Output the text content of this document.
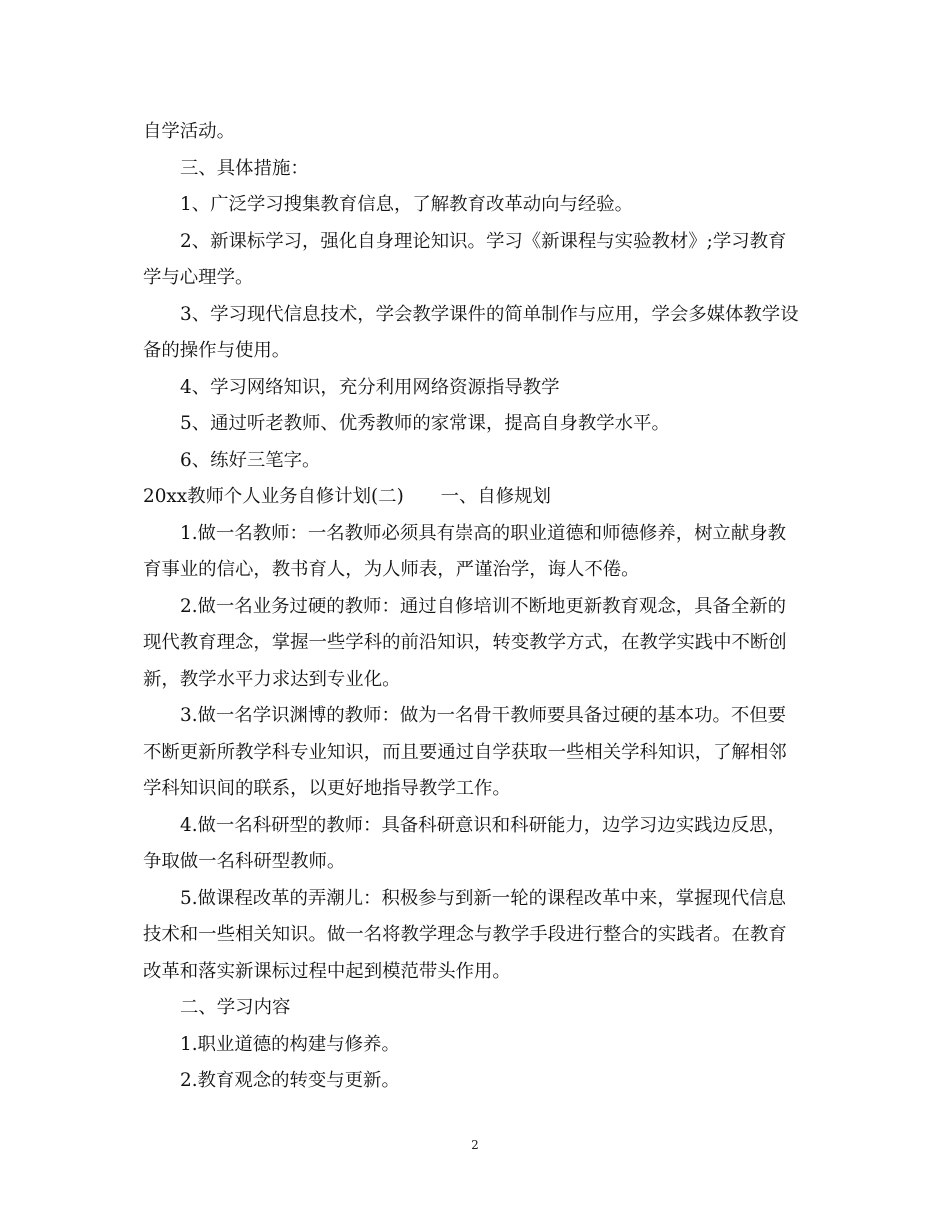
自学活动。
三、具体措施：
1、广泛学习搜集教育信息，了解教育改革动向与经验。
2、新课标学习，强化自身理论知识。学习《新课程与实验教材》;学习教育
学与心理学。
3、学习现代信息技术，学会教学课件的简单制作与应用，学会多媒体教学设
备的操作与使用。
4、学习网络知识，充分利用网络资源指导教学
5、通过听老教师、优秀教师的家常课，提高自身教学水平。
6、练好三笔字。
20xx教师个人业务自修计划(二)　　一、自修规划
1.做一名教师：一名教师必须具有崇高的职业道德和师德修养，树立献身教
育事业的信心，教书育人，为人师表，严谨治学，诲人不倦。
2.做一名业务过硬的教师：通过自修培训不断地更新教育观念，具备全新的
现代教育理念，掌握一些学科的前沿知识，转变教学方式，在教学实践中不断创
新，教学水平力求达到专业化。
3.做一名学识渊博的教师：做为一名骨干教师要具备过硬的基本功。不但要
不断更新所教学科专业知识，而且要通过自学获取一些相关学科知识，了解相邻
学科知识间的联系，以更好地指导教学工作。
4.做一名科研型的教师：具备科研意识和科研能力，边学习边实践边反思，
争取做一名科研型教师。
5.做课程改革的弄潮儿：积极参与到新一轮的课程改革中来，掌握现代信息
技术和一些相关知识。做一名将教学理念与教学手段进行整合的实践者。在教育
改革和落实新课标过程中起到模范带头作用。
二、学习内容
1.职业道德的构建与修养。
2.教育观念的转变与更新。
2
